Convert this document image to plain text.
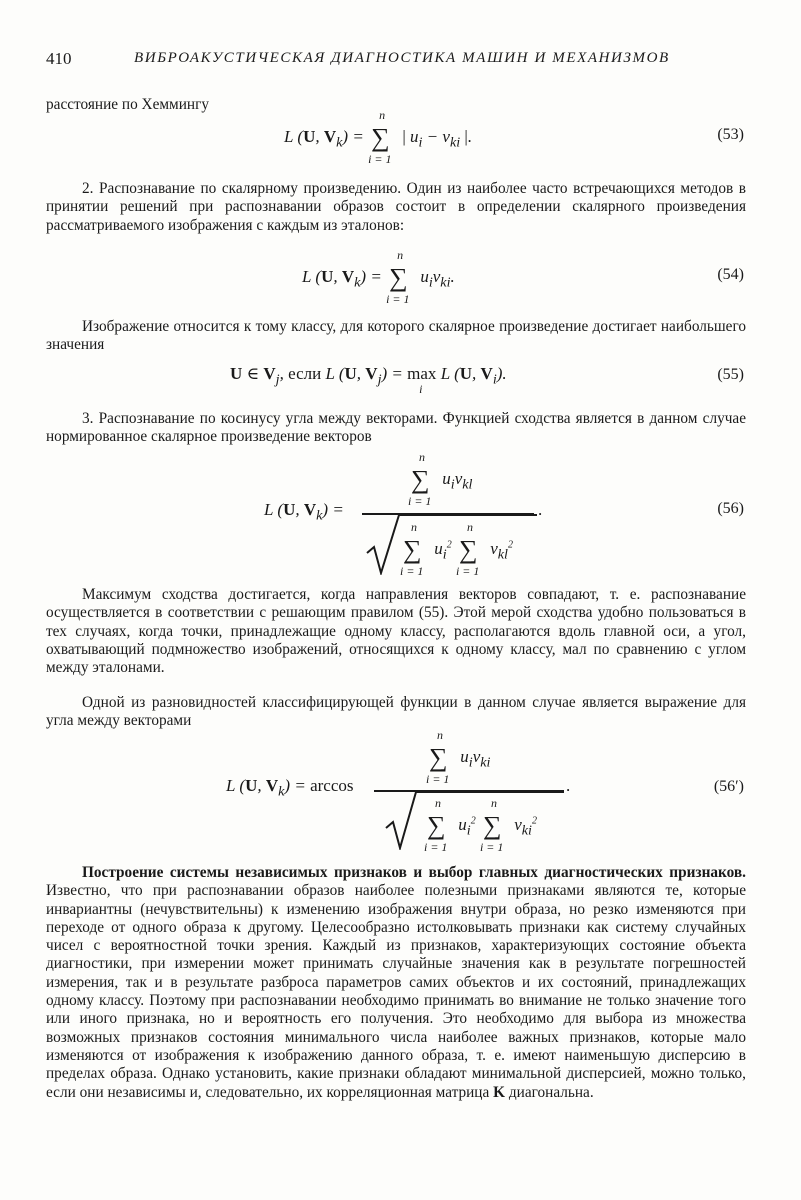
410	ВИБРОАКУСТИЧЕСКАЯ ДИАГНОСТИКА МАШИН И МЕХАНИЗМОВ

расстояние по Хеммингу

L (U, $V_k$) =
n
∑
i = 1
| $u_i - v_{ki}$ |.	(53)

2. Распознавание по скалярному произведению. Один из наиболее часто встречающихся методов в принятии решений при распознавании образов состоит в определении скалярного произведения рассматриваемого изображения с каждым из эталонов:

L (U, $V_k$) =
n
∑
i = 1
$u_iv_{ki}$.	(54)

Изображение относится к тому классу, для которого скалярное произведение достигает наибольшего значения

U ∈ $V_j$, если L (U, $V_j) = \max$
i
L (U, $V_i$).	(55)

3. Распознавание по косинусу угла между векторами. Функцией сходства является в данном случае нормированное скалярное произведение векторов

L (U, $V_k$) =
n
∑
i = 1
$u_iv_{kl}$
.
n
∑
i = 1
$u_i^2$
n
∑
i = 1
$v_{kl}^2$
(56)

Максимум сходства достигается, когда направления векторов совпадают, т. е. распознавание осуществляется в соответствии с решающим правилом (55). Этой мерой сходства удобно пользоваться в тех случаях, когда точки, принадлежащие одному классу, располагаются вдоль главной оси, а угол, охватывающий подмножество изображений, относящихся к одному классу, мал по сравнению с углом между эталонами.

Одной из разновидностей классифицирующей функции в данном случае является выражение для угла между векторами

L (U, $V_k) = \arccos$
n
∑
i = 1
$u_iv_{ki}$
.
n
∑
i = 1
$u_i^2$
n
∑
i = 1
$v_{ki}^2$
(56′)

Построение системы независимых признаков и выбор главных диагностических признаков. Известно, что при распознавании образов наиболее полезными признаками являются те, которые инвариантны (нечувствительны) к изменению изображения внутри образа, но резко изменяются при переходе от одного образа к другому. Целесообразно истолковывать признаки как систему случайных чисел с вероятностной точки зрения. Каждый из признаков, характеризующих состояние объекта диагностики, при измерении может принимать случайные значения как в результате погрешностей измерения, так и в результате разброса параметров самих объектов и их состояний, принадлежащих одному классу. Поэтому при распознавании необходимо принимать во внимание не только значение того или иного признака, но и вероятность его получения. Это необходимо для выбора из множества возможных признаков состояния минимального числа наиболее важных признаков, которые мало изменяются от изображения к изображению данного образа, т. е. имеют наименьшую дисперсию в пределах образа. Однако установить, какие признаки обладают минимальной дисперсией, можно только, если они независимы и, следовательно, их корреляционная матрица K диагональна.
